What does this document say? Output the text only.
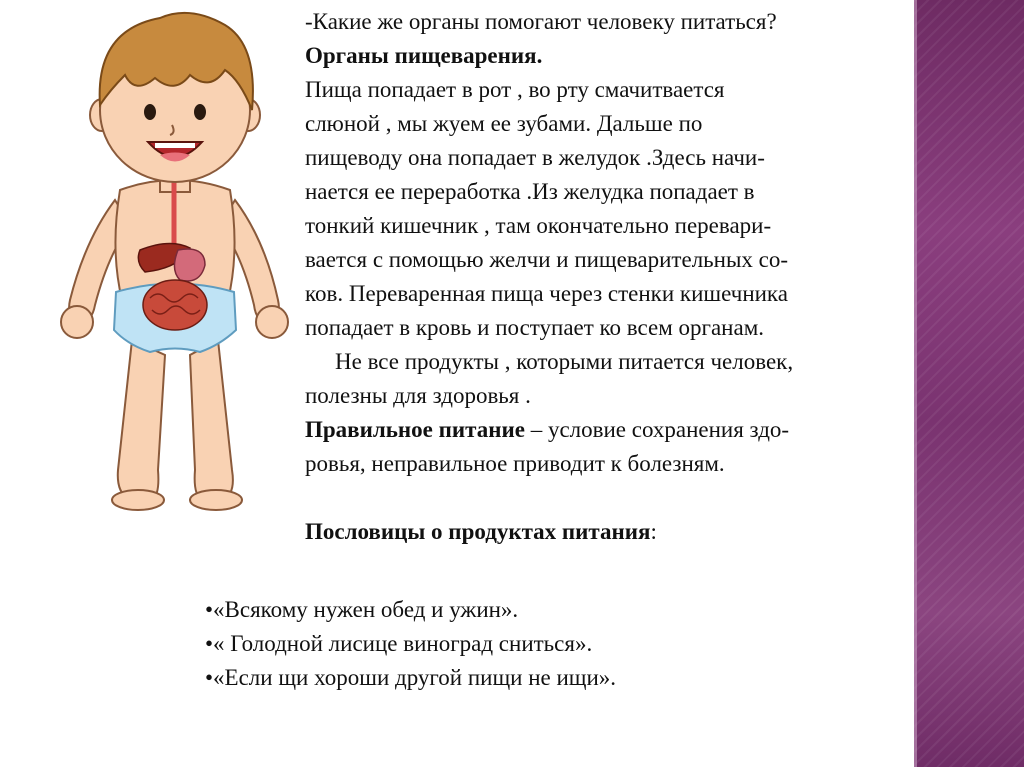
-Какие же органы помогают человеку питаться?

Органы пищеварения.

Пища попадает в рот , во рту смачитвается

слюной , мы жуем ее зубами. Дальше по

пищеводу она попадает в желудок .Здесь начи-

нается ее переработка .Из желудка попадает в

тонкий кишечник , там окончательно перевари-

вается с помощью желчи и пищеварительных со-

ков. Переваренная пища через стенки кишечника

попадает в кровь и поступает ко всем органам.

Не все продукты , которыми питается человек,

полезны для здоровья .

Правильное питание – условие сохранения здо-

ровья, неправильное приводит к болезням.

Пословицы о продуктах питания:

•«Всякому нужен обед и ужин».

•« Голодной лисице виноград сниться».

•«Если щи хороши другой пищи не ищи».
